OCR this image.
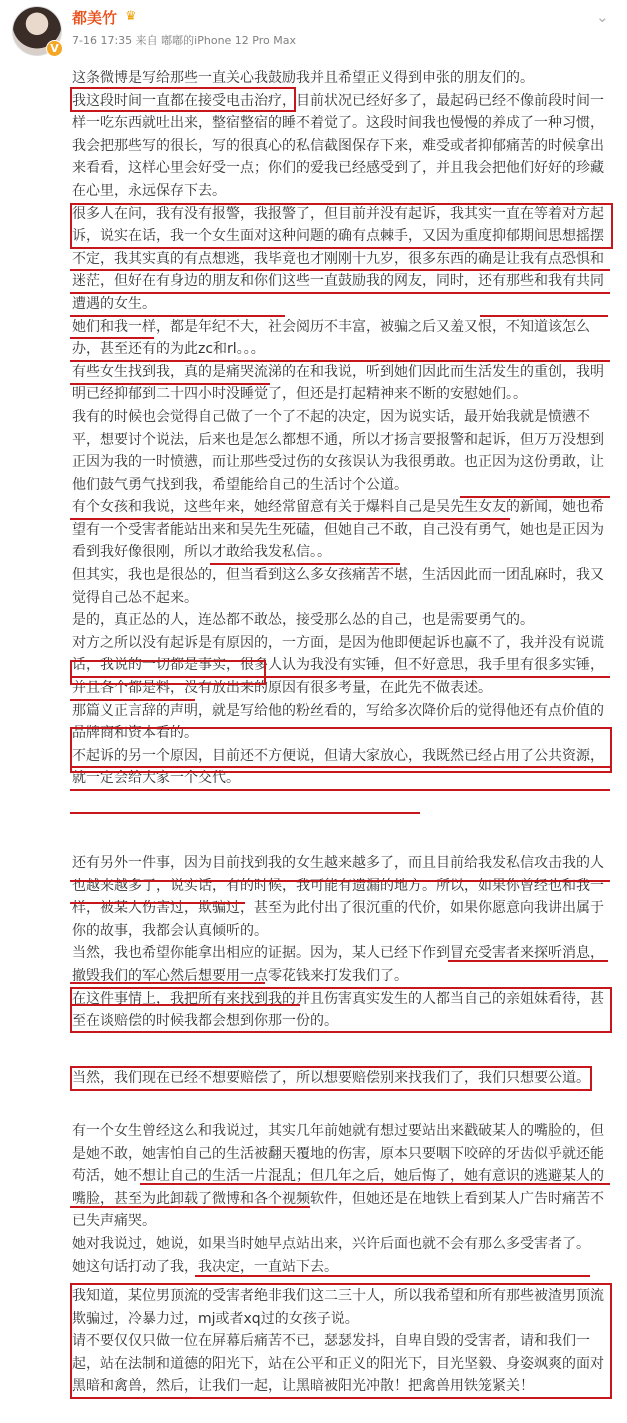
V
都美竹 ♛
7-16 17:35 来自 嘟嘟的iPhone 12 Pro Max
⌄

这条微博是写给那些一直关心我鼓励我并且希望正义得到申张的朋友们的。
我这段时间一直都在接受电击治疗，目前状况已经好多了，最起码已经不像前段时间一
样一吃东西就吐出来，整宿整宿的睡不着觉了。这段时间我也慢慢的养成了一种习惯，
我会把那些写的很长，写的很真心的私信截图保存下来，难受或者抑郁痛苦的时候拿出
来看看，这样心里会好受一点；你们的爱我已经感受到了，并且我会把他们好好的珍藏
在心里，永远保存下去。
很多人在问，我有没有报警，我报警了，但目前并没有起诉，我其实一直在等着对方起
诉，说实在话，我一个女生面对这种问题的确有点棘手，又因为重度抑郁期间思想摇摆
不定，我其实真的有点想逃，我毕竟也才刚刚十九岁，很多东西的确是让我有点恐惧和
迷茫，但好在有身边的朋友和你们这些一直鼓励我的网友，同时，还有那些和我有共同
遭遇的女生。
她们和我一样，都是年纪不大，社会阅历不丰富，被骗之后又羞又恨，不知道该怎么
办，甚至还有的为此zc和rl。。。
有些女生找到我，真的是痛哭流涕的在和我说，听到她们因此而生活发生的重创，我明
明已经抑郁到二十四小时没睡觉了，但还是打起精神来不断的安慰她们。。
我有的时候也会觉得自己做了一个了不起的决定，因为说实话，最开始我就是愤懑不
平，想要讨个说法，后来也是怎么都想不通，所以才扬言要报警和起诉，但万万没想到
正因为我的一时愤懑，而让那些受过伤的女孩误认为我很勇敢。也正因为这份勇敢，让
他们鼓气勇气找到我，希望能给自己的生活讨个公道。
有个女孩和我说，这些年来，她经常留意有关于爆料自己是吴先生女友的新闻，她也希
望有一个受害者能站出来和吴先生死磕，但她自己不敢，自己没有勇气，她也是正因为
看到我好像很刚，所以才敢给我发私信。。
但其实，我也是很怂的，但当看到这么多女孩痛苦不堪，生活因此而一团乱麻时，我又
觉得自己怂不起来。
是的，真正怂的人，连怂都不敢怂，接受那么怂的自己，也是需要勇气的。
对方之所以没有起诉是有原因的，一方面，是因为他即便起诉也赢不了，我并没有说谎
话，我说的一切都是事实，很多人认为我没有实锤，但不好意思，我手里有很多实锤，
并且各个都是料，没有放出来的原因有很多考量，在此先不做表述。
那篇义正言辞的声明，就是写给他的粉丝看的，写给多次降价后的觉得他还有点价值的
品牌商和资本看的。
不起诉的另一个原因，目前还不方便说，但请大家放心，我既然已经占用了公共资源，
就一定会给大家一个交代。

还有另外一件事，因为目前找到我的女生越来越多了，而且目前给我发私信攻击我的人
也越来越多了，说实话，有的时候，我可能有遗漏的地方。所以，如果你曾经也和我一
样，被某人伤害过，欺骗过，甚至为此付出了很沉重的代价，如果你愿意向我讲出属于
你的故事，我都会认真倾听的。
当然，我也希望你能拿出相应的证据。因为，某人已经下作到冒充受害者来探听消息，
撤毁我们的军心然后想要用一点零花钱来打发我们了。
在这件事情上，我把所有来找到我的并且伤害真实发生的人都当自己的亲姐妹看待，甚
至在谈赔偿的时候我都会想到你那一份的。

当然，我们现在已经不想要赔偿了，所以想要赔偿别来找我们了，我们只想要公道。

有一个女生曾经这么和我说过，其实几年前她就有想过要站出来戳破某人的嘴脸的，但
是她不敢，她害怕自己的生活被翻天覆地的伤害，原本只要咽下咬碎的牙齿似乎就还能
苟活，她不想让自己的生活一片混乱；但几年之后，她后悔了，她有意识的逃避某人的
嘴脸，甚至为此卸载了微博和各个视频软件，但她还是在地铁上看到某人广告时痛苦不
已失声痛哭。
她对我说过，她说，如果当时她早点站出来，兴许后面也就不会有那么多受害者了。
她这句话打动了我，我决定，一直站下去。

我知道，某位男顶流的受害者绝非我们这二三十人，所以我希望和所有那些被渣男顶流
欺骗过，冷暴力过，mj或者xq过的女孩子说。
请不要仅仅只做一位在屏幕后痛苦不已，瑟瑟发抖，自卑自毁的受害者，请和我们一
起，站在法制和道德的阳光下，站在公平和正义的阳光下，目光坚毅、身姿飒爽的面对
黑暗和禽兽，然后，让我们一起，让黑暗被阳光冲散！把禽兽用铁笼紧关！
